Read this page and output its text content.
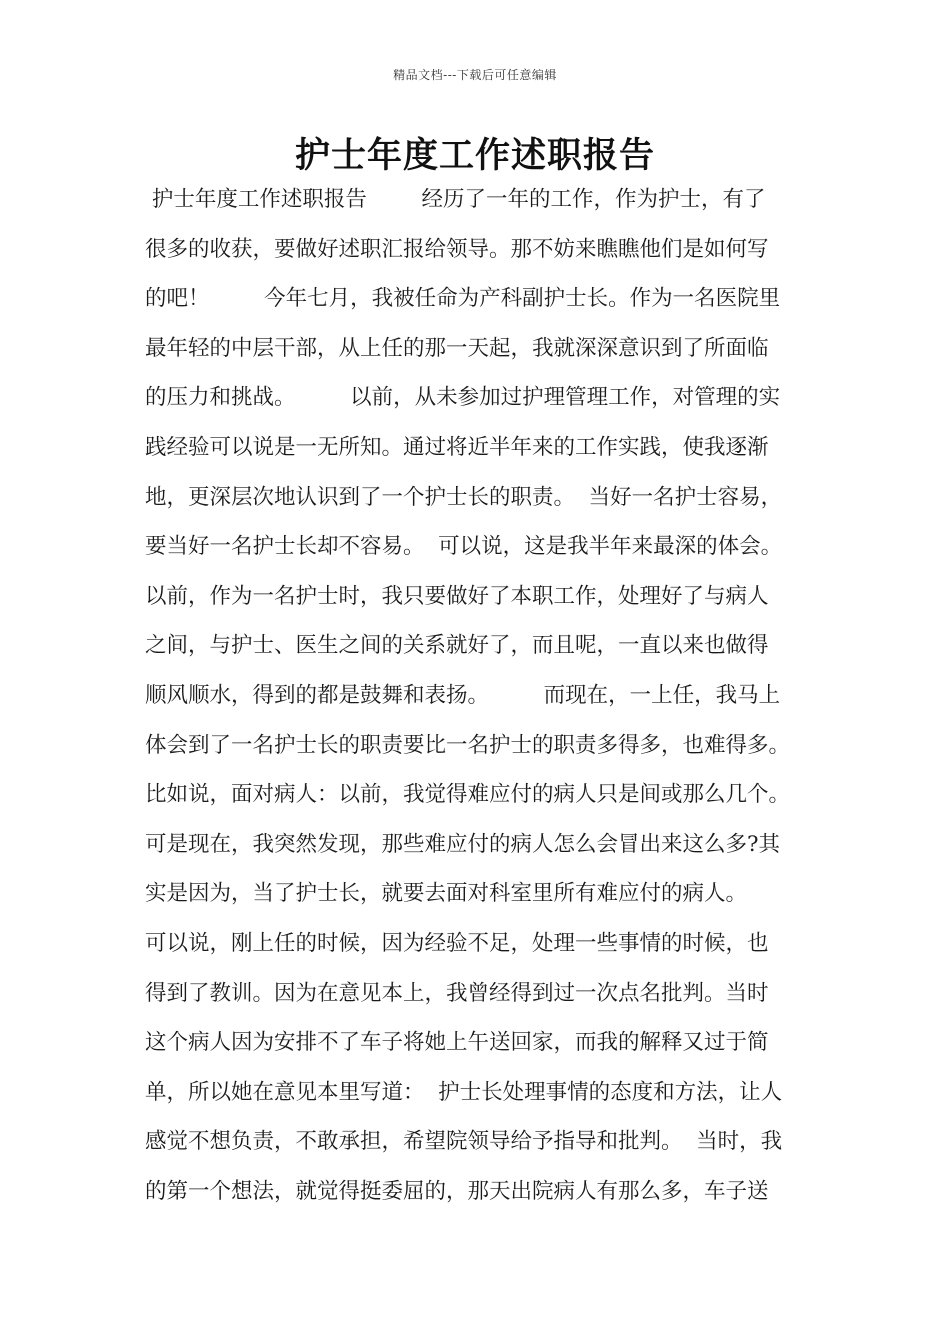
精品文档---下载后可任意编辑
护士年度工作述职报告
护士年度工作述职报告        经历了一年的工作，作为护士，有了
很多的收获，要做好述职汇报给领导。那不妨来瞧瞧他们是如何写
的吧！        今年七月，我被任命为产科副护士长。作为一名医院里
最年轻的中层干部，从上任的那一天起，我就深深意识到了所面临
的压力和挑战。        以前，从未参加过护理管理工作，对管理的实
践经验可以说是一无所知。通过将近半年来的工作实践，使我逐渐
地，更深层次地认识到了一个护士长的职责。  当好一名护士容易，
要当好一名护士长却不容易。  可以说，这是我半年来最深的体会。
以前，作为一名护士时，我只要做好了本职工作，处理好了与病人
之间，与护士、医生之间的关系就好了，而且呢，一直以来也做得
顺风顺水，得到的都是鼓舞和表扬。        而现在，一上任，我马上
体会到了一名护士长的职责要比一名护士的职责多得多，也难得多。
比如说，面对病人：以前，我觉得难应付的病人只是间或那么几个。
可是现在，我突然发现，那些难应付的病人怎么会冒出来这么多?其
实是因为，当了护士长，就要去面对科室里所有难应付的病人。
可以说，刚上任的时候，因为经验不足，处理一些事情的时候，也
得到了教训。因为在意见本上，我曾经得到过一次点名批判。当时
这个病人因为安排不了车子将她上午送回家，而我的解释又过于简
单，所以她在意见本里写道：  护士长处理事情的态度和方法，让人
感觉不想负责，不敢承担，希望院领导给予指导和批判。  当时，我
的第一个想法，就觉得挺委屈的，那天出院病人有那么多，车子送
